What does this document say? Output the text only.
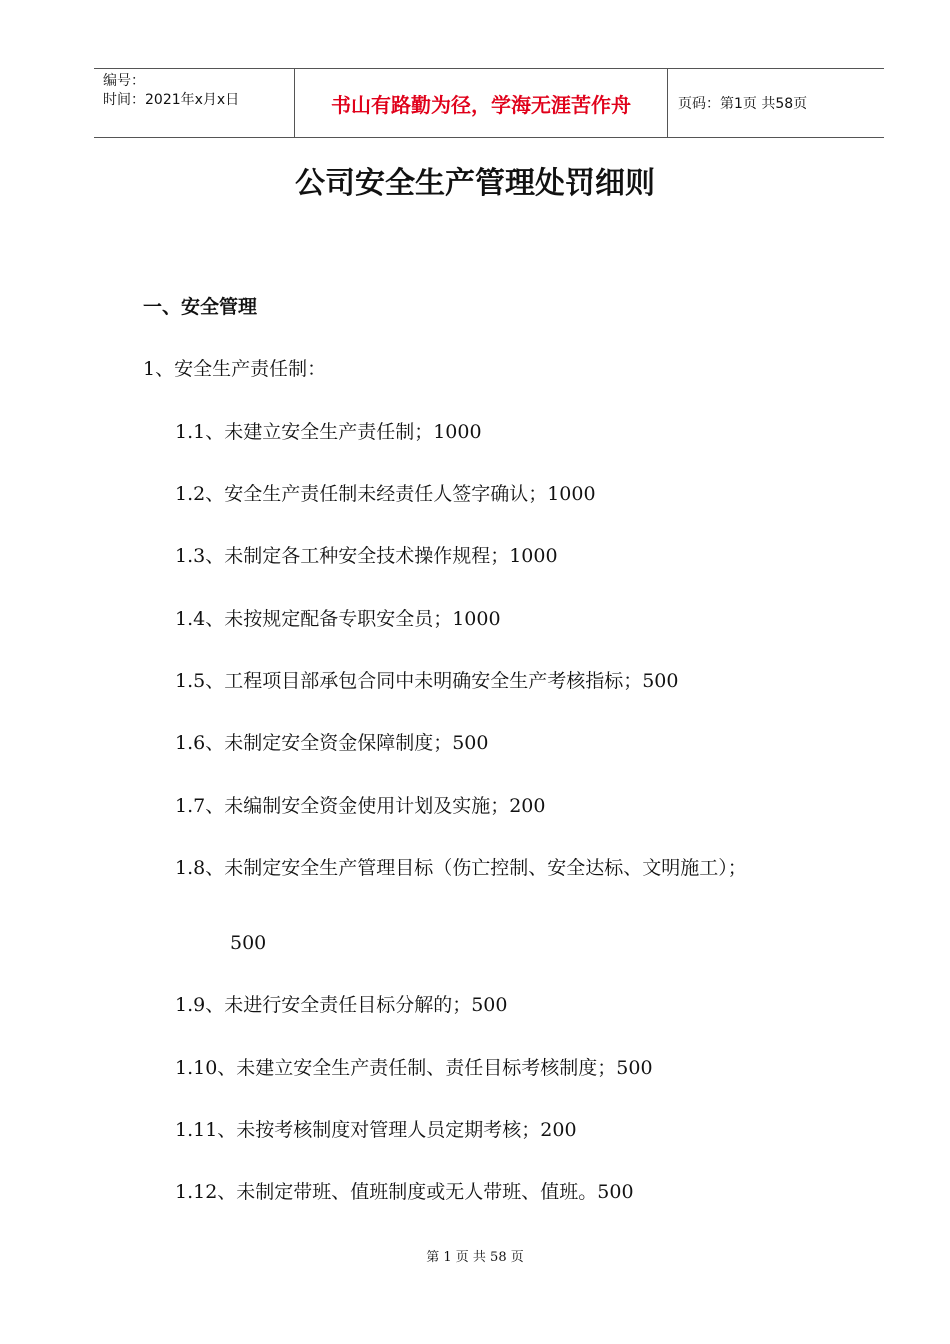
编号：
时间：2021年x月x日	书山有路勤为径，学海无涯苦作舟	页码：第1页 共58页
公司安全生产管理处罚细则
一、安全管理
1、安全生产责任制：
1.1、未建立安全生产责任制；1000
1.2、安全生产责任制未经责任人签字确认；1000
1.3、未制定各工种安全技术操作规程；1000
1.4、未按规定配备专职安全员；1000
1.5、工程项目部承包合同中未明确安全生产考核指标；500
1.6、未制定安全资金保障制度；500
1.7、未编制安全资金使用计划及实施；200
1.8、未制定安全生产管理目标（伤亡控制、安全达标、文明施工）；
500
1.9、未进行安全责任目标分解的；500
1.10、未建立安全生产责任制、责任目标考核制度；500
1.11、未按考核制度对管理人员定期考核；200
1.12、未制定带班、值班制度或无人带班、值班。500
第 1 页 共 58 页
